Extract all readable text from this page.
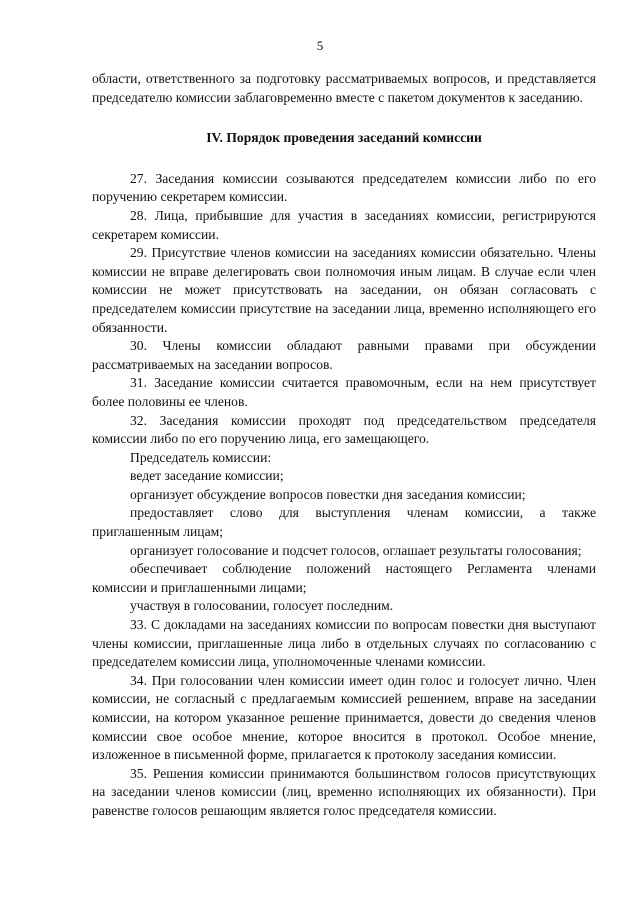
5

области, ответственного за подготовку рассматриваемых вопросов, и представляется председателю комиссии заблаговременно вместе с пакетом документов к заседанию.

IV. Порядок проведения заседаний комиссии

27. Заседания комиссии созываются председателем комиссии либо по его поручению секретарем комиссии.

28. Лица, прибывшие для участия в заседаниях комиссии, регистрируются секретарем комиссии.

29. Присутствие членов комиссии на заседаниях комиссии обязательно. Члены комиссии не вправе делегировать свои полномочия иным лицам. В случае если член комиссии не может присутствовать на заседании, он обязан согласовать с председателем комиссии присутствие на заседании лица, временно исполняющего его обязанности.

30. Члены комиссии обладают равными правами при обсуждении рассматриваемых на заседании вопросов.

31. Заседание комиссии считается правомочным, если на нем присутствует более половины ее членов.

32. Заседания комиссии проходят под председательством председателя комиссии либо по его поручению лица, его замещающего.

Председатель комиссии:

ведет заседание комиссии;

организует обсуждение вопросов повестки дня заседания комиссии;

предоставляет слово для выступления членам комиссии, а также приглашенным лицам;

организует голосование и подсчет голосов, оглашает результаты голосования;

обеспечивает соблюдение положений настоящего Регламента членами комиссии и приглашенными лицами;

участвуя в голосовании, голосует последним.

33. С докладами на заседаниях комиссии по вопросам повестки дня выступают члены комиссии, приглашенные лица либо в отдельных случаях по согласованию с председателем комиссии лица, уполномоченные членами комиссии.

34. При голосовании член комиссии имеет один голос и голосует лично. Член комиссии, не согласный с предлагаемым комиссией решением, вправе на заседании комиссии, на котором указанное решение принимается, довести до сведения членов комиссии свое особое мнение, которое вносится в протокол. Особое мнение, изложенное в письменной форме, прилагается к протоколу заседания комиссии.

35. Решения комиссии принимаются большинством голосов присутствующих на заседании членов комиссии (лиц, временно исполняющих их обязанности). При равенстве голосов решающим является голос председателя комиссии.
